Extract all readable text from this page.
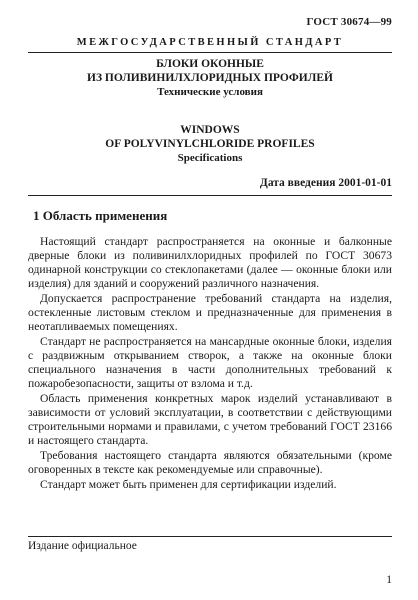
ГОСТ 30674—99
МЕЖГОСУДАРСТВЕННЫЙ СТАНДАРТ
БЛОКИ ОКОННЫЕ
ИЗ ПОЛИВИНИЛХЛОРИДНЫХ ПРОФИЛЕЙ
Технические условия
WINDOWS
OF POLYVINYLCHLORIDE PROFILES
Specifications
Дата введения 2001-01-01
1 Область применения

Настоящий стандарт распространяется на оконные и балконные дверные блоки из поливинилхлоридных профилей по ГОСТ 30673 одинарной конструкции со стеклопакетами (далее — оконные блоки или изделия) для зданий и сооружений различного назначения.

Допускается распространение требований стандарта на изделия, остекленные листовым стеклом и предназначенные для применения в неотапливаемых помещениях.

Стандарт не распространяется на мансардные оконные блоки, изделия с раздвижным открыванием створок, а также на оконные блоки специального назначения в части дополнительных требований к пожаробезопасности, защиты от взлома и т.д.

Область применения конкретных марок изделий устанавливают в зависимости от условий эксплуатации, в соответствии с действующими строительными нормами и правилами, с учетом требований ГОСТ 23166 и настоящего стандарта.

Требования настоящего стандарта являются обязательными (кроме оговоренных в тексте как рекомендуемые или справочные).

Стандарт может быть применен для сертификации изделий.

Издание официальное
1
